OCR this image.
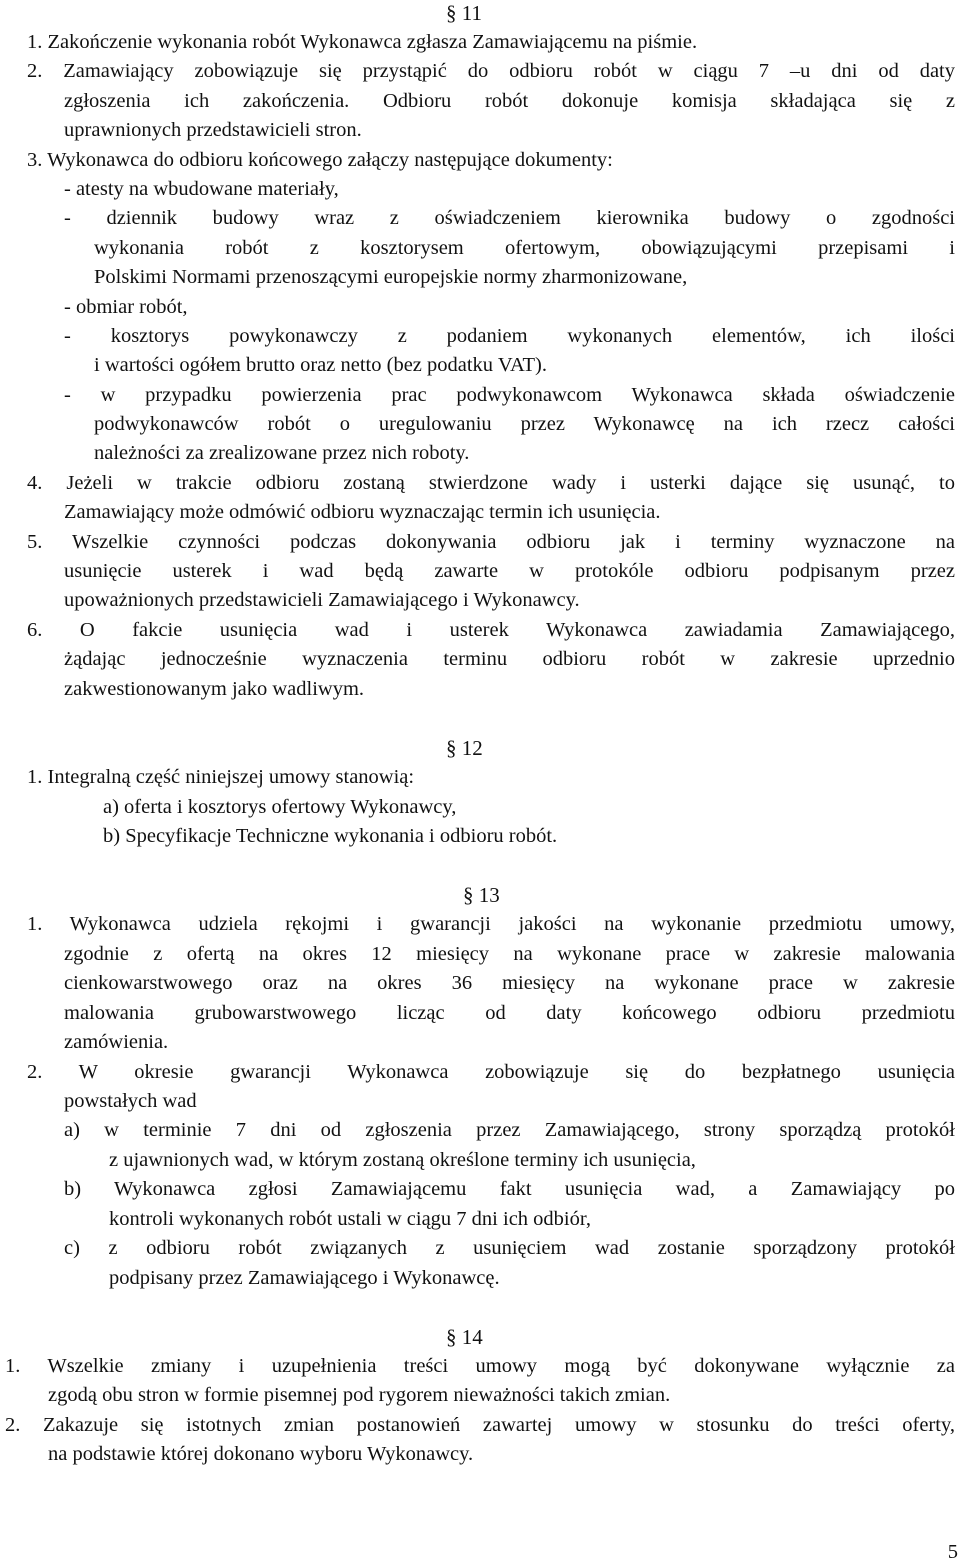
§ 11
1. Zakończenie wykonania robót Wykonawca zgłasza Zamawiającemu na piśmie.
2. Zamawiający zobowiązuje się przystąpić do odbioru robót w ciągu 7 –u dni od daty
zgłoszenia ich zakończenia. Odbioru robót dokonuje komisja składająca się z
uprawnionych przedstawicieli stron.
3. Wykonawca do odbioru końcowego załączy następujące dokumenty:
- atesty na wbudowane materiały,
- dziennik budowy wraz z oświadczeniem kierownika budowy o zgodności
wykonania robót z kosztorysem ofertowym, obowiązującymi przepisami i
Polskimi Normami przenoszącymi europejskie normy zharmonizowane,
- obmiar robót,
- kosztorys powykonawczy z podaniem wykonanych elementów, ich ilości
i wartości ogółem brutto oraz netto (bez podatku VAT).
- w przypadku powierzenia prac podwykonawcom Wykonawca składa oświadczenie
podwykonawców robót o uregulowaniu przez Wykonawcę na ich rzecz całości
należności za zrealizowane przez nich roboty.
4. Jeżeli w trakcie odbioru zostaną stwierdzone wady i usterki dające się usunąć, to
Zamawiający może odmówić odbioru wyznaczając termin ich usunięcia.
5. Wszelkie czynności podczas dokonywania odbioru jak i terminy wyznaczone na
usunięcie usterek i wad będą zawarte w protokóle odbioru podpisanym przez
upoważnionych przedstawicieli Zamawiającego i Wykonawcy.
6. O fakcie usunięcia wad i usterek Wykonawca zawiadamia Zamawiającego,
żądając jednocześnie wyznaczenia terminu odbioru robót w zakresie uprzednio
zakwestionowanym jako wadliwym.
§ 12
1. Integralną część niniejszej umowy stanowią:
a) oferta i kosztorys ofertowy Wykonawcy,
b) Specyfikacje Techniczne wykonania i odbioru robót.
§ 13
1. Wykonawca udziela rękojmi i gwarancji jakości na wykonanie przedmiotu umowy,
zgodnie z ofertą na okres 12 miesięcy na wykonane prace w zakresie malowania
cienkowarstwowego oraz na okres 36 miesięcy na wykonane prace w zakresie
malowania grubowarstwowego licząc od daty końcowego odbioru przedmiotu
zamówienia.
2. W okresie gwarancji Wykonawca zobowiązuje się do bezpłatnego usunięcia
powstałych wad
a) w terminie 7 dni od zgłoszenia przez Zamawiającego, strony sporządzą protokół
z ujawnionych wad, w którym zostaną określone terminy ich usunięcia,
b) Wykonawca zgłosi Zamawiającemu fakt usunięcia wad, a Zamawiający po
kontroli wykonanych robót ustali w ciągu 7 dni ich odbiór,
c) z odbioru robót związanych z usunięciem wad zostanie sporządzony protokół
podpisany przez Zamawiającego i Wykonawcę.
§ 14
1. Wszelkie zmiany i uzupełnienia treści umowy mogą być dokonywane wyłącznie za
zgodą obu stron w formie pisemnej pod rygorem nieważności takich zmian.
2. Zakazuje się istotnych zmian postanowień zawartej umowy w stosunku do treści oferty,
na podstawie której dokonano wyboru Wykonawcy.
5
